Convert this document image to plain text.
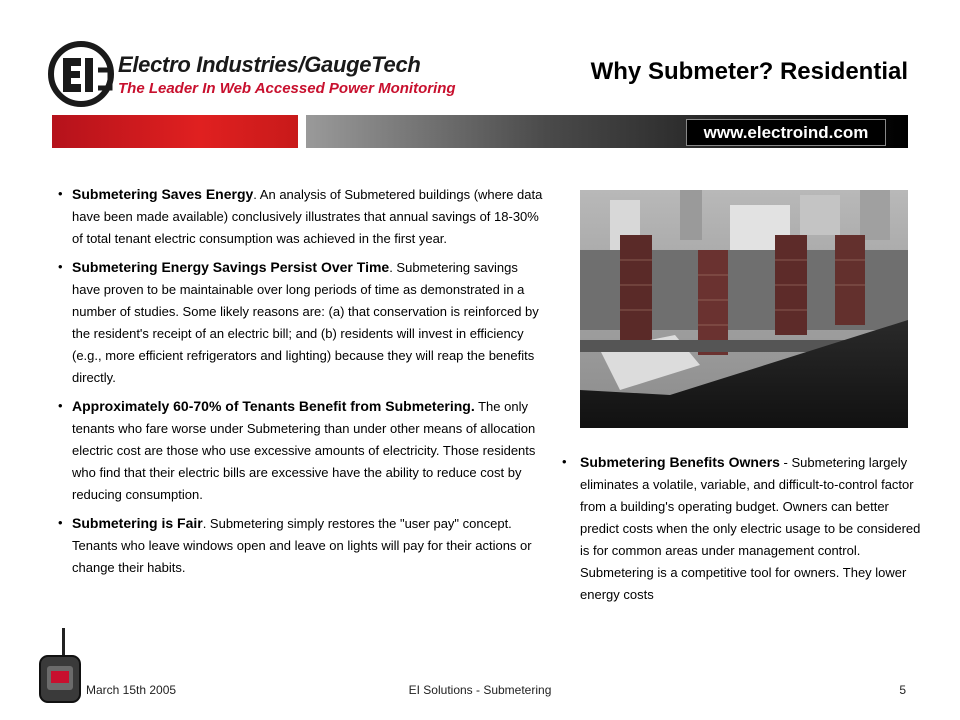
Electro Industries/GaugeTech
The Leader In Web Accessed Power Monitoring
Why Submeter? Residential
www.electroind.com
• Submetering Saves Energy. An analysis of Submetered buildings (where data have been made available) conclusively illustrates that annual savings of 18-30% of total tenant electric consumption was achieved in the first year.
• Submetering Energy Savings Persist Over Time. Submetering savings have proven to be maintainable over long periods of time as demonstrated in a number of studies. Some likely reasons are: (a) that conservation is reinforced by the resident's receipt of an electric bill; and (b) residents will invest in efficiency (e.g., more efficient refrigerators and lighting) because they will reap the benefits directly.
• Approximately 60-70% of Tenants Benefit from Submetering. The only tenants who fare worse under Submetering than under other means of allocation electric cost are those who use excessive amounts of electricity. Those residents who find that their electric bills are excessive have the ability to reduce cost by reducing consumption.
• Submetering is Fair. Submetering simply restores the "user pay" concept. Tenants who leave windows open and leave on lights will pay for their actions or change their habits.
• Submetering Benefits Owners - Submetering largely eliminates a volatile, variable, and difficult-to-control factor from a building's operating budget. Owners can better predict costs when the only electric usage to be considered is for common areas under management control. Submetering is a competitive tool for owners. They lower energy costs
March 15th 2005	EI Solutions - Submetering	5
